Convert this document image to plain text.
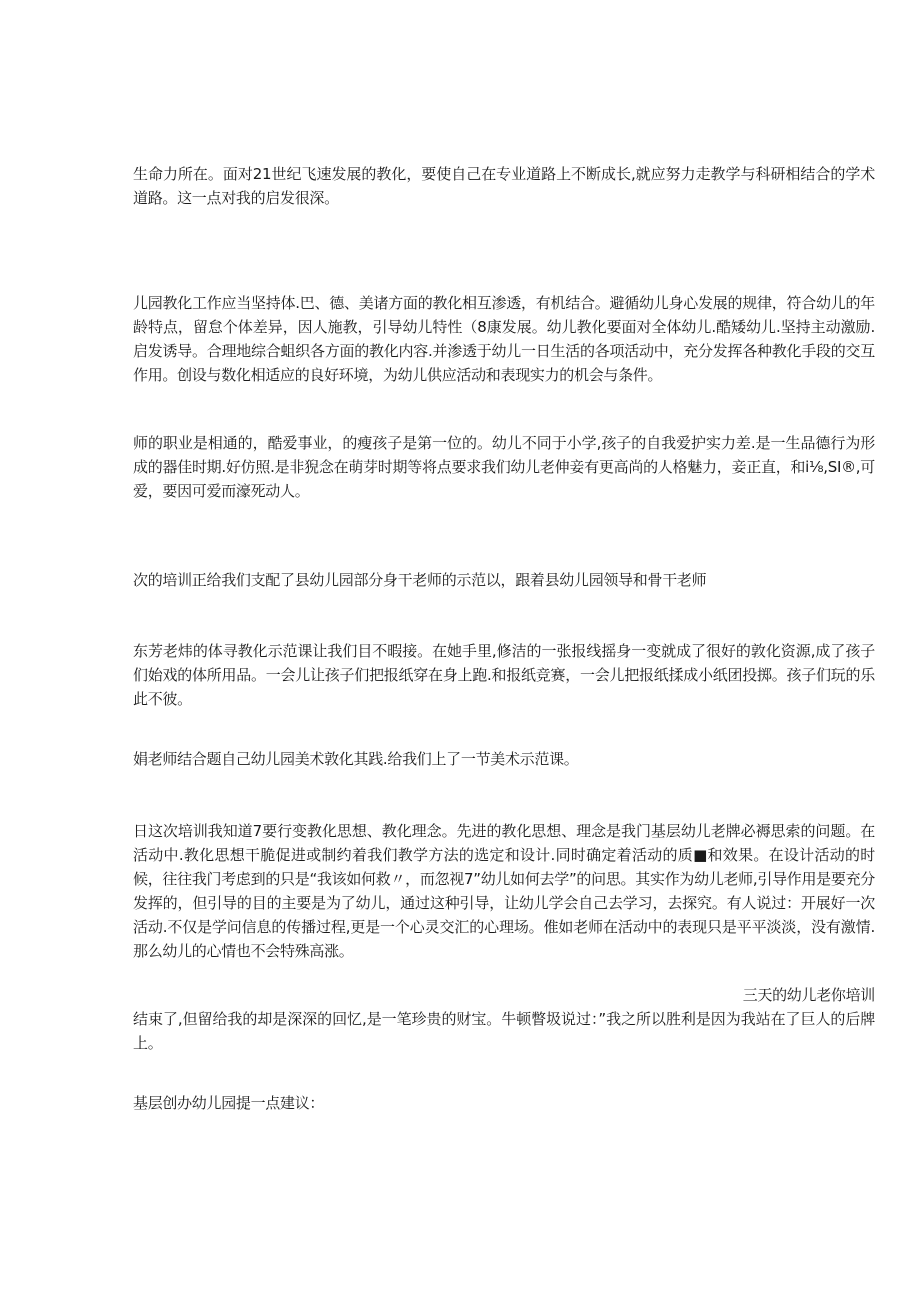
生命力所在。面对21世纪飞速发展的教化，要使自己在专业道路上不断成长,就应努力走教学与科研相结合的学术道路。这一点对我的启发很深。

儿园教化工作应当坚持体.巴、德、美诸方面的教化相互渗透，有机结合。避循幼儿身心发展的规律，符合幼儿的年龄特点，留怠个体差异，因人施教，引导幼儿特性（8康发展。幼儿教化要面对全体幼儿.酷矮幼儿.坚持主动激励.启发诱导。合理地综合蛆织各方面的教化内容.并渗透于幼儿一日生活的各项活动中，充分发挥各种教化手段的交互作用。创设与数化相适应的良好环境，为幼儿供应活动和表现实力的机会与条件。

师的职业是相通的，酷爱事业，的瘦孩子是第一位的。幼儿不同于小学,孩子的自我爱护实力差.是一生品德行为形成的器佳时期.好仿照.是非猊念在萌芽时期等将点要求我们幼儿老伸妾有更高尚的人格魅力，妾正直，和i⅛,SI®,可爱，要因可爱而濠死动人。

次的培训正给我们支配了县幼儿园部分身干老师的示范以，跟着县幼儿园领导和骨干老师

东芳老炜的体寻教化示范课让我们目不暇接。在她手里,修洁的一张报线摇身一变就成了很好的敦化资源,成了孩子们始戏的体所用品。一会儿让孩子们把报纸穿在身上跑.和报纸竞赛，一会儿把报纸揉成小纸团投掷。孩子们玩的乐此不彼。

娟老师结合题自己幼儿园美术敦化其践.给我们上了一节美术示范课。

日这次培训我知道7要行变教化思想、教化理念。先进的教化思想、理念是我门基层幼儿老牌必褥思索的问题。在活动中.教化思想干脆促进或制约着我们教学方法的选定和设计.同时确定着活动的质■和效果。在设计活动的时候，往往我门考虑到的只是“我该如何救〃，而忽视7”幼儿如何去学”的问思。其实作为幼儿老师,引导作用是要充分发挥的，但引导的目的主要是为了幼儿，通过这种引导，让幼儿学会自己去学习，去探究。有人说过：开展好一次活动.不仅是学问信息的传播过程,更是一个心灵交汇的心理场。倠如老师在活动中的表现只是平平淡淡，没有激情.那么幼儿的心情也不会特殊高涨。

三天的幼儿老你培训

结束了,但留给我的却是深深的回忆,是一笔珍贵的财宝。牛顿瞥圾说过：”我之所以胜利是因为我站在了巨人的后牌上。

基层创办幼儿园提一点建议：
